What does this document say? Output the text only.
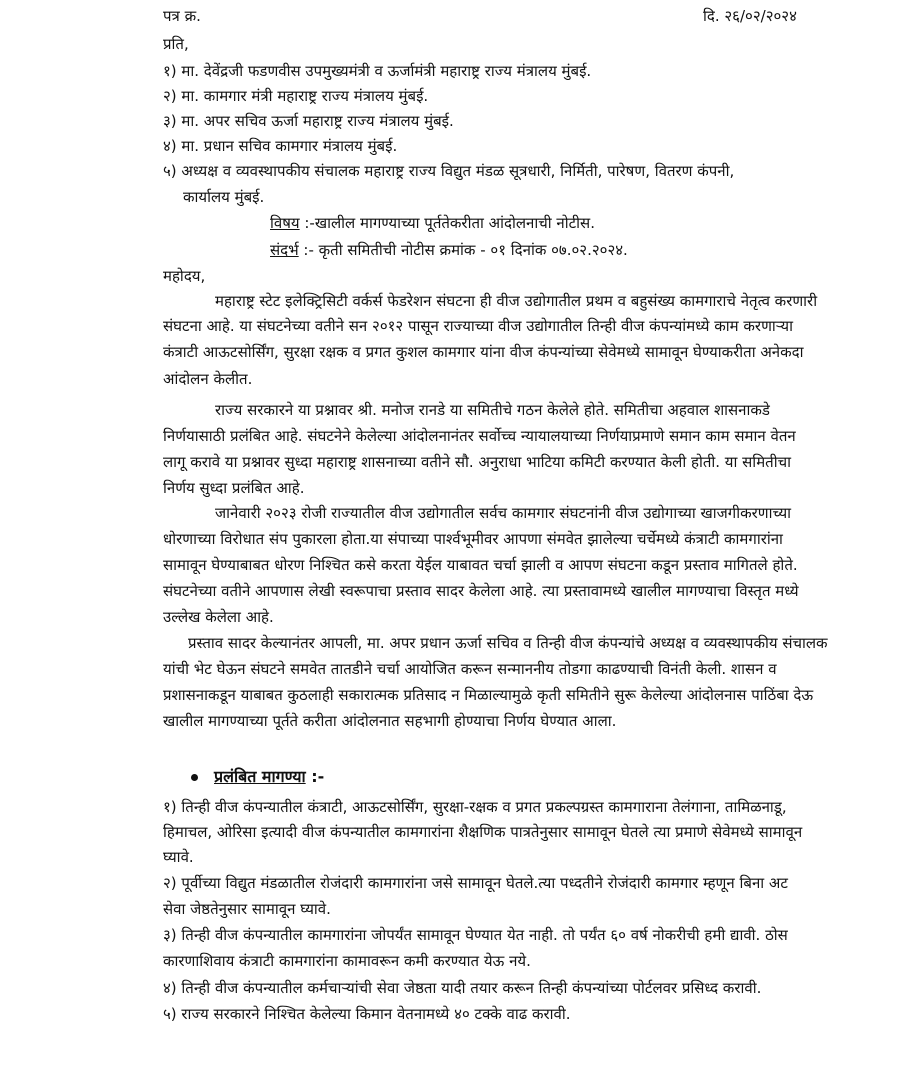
पत्र क्र.	दि. २६/०२/२०२४
प्रति,
१) मा. देवेंद्रजी फडणवीस उपमुख्यमंत्री व ऊर्जामंत्री महाराष्ट्र राज्य मंत्रालय मुंबई.
२) मा. कामगार मंत्री महाराष्ट्र राज्य मंत्रालय मुंबई.
३) मा. अपर सचिव ऊर्जा महाराष्ट्र राज्य मंत्रालय मुंबई.
४) मा. प्रधान सचिव कामगार मंत्रालय मुंबई.
५) अध्यक्ष व व्यवस्थापकीय संचालक महाराष्ट्र राज्य विद्युत मंडळ सूत्रधारी, निर्मिती, पारेषण, वितरण कंपनी,
कार्यालय मुंबई.
विषय :-खालील मागण्याच्या पूर्ततेकरीता आंदोलनाची नोटीस.
संदर्भ :- कृती समितीची नोटीस क्रमांक - ०१ दिनांक ०७.०२.२०२४.
महोदय,
महाराष्ट्र स्टेट इलेक्ट्रिसिटी वर्कर्स फेडरेशन संघटना ही वीज उद्योगातील प्रथम व बहुसंख्य कामगाराचे नेतृत्व करणारी
संघटना आहे. या संघटनेच्या वतीने सन २०१२ पासून राज्याच्या वीज उद्योगातील तिन्ही वीज कंपन्यांमध्ये काम करणाऱ्या
कंत्राटी आऊटसोर्सिंग, सुरक्षा रक्षक व प्रगत कुशल कामगार यांना वीज कंपन्यांच्या सेवेमध्ये सामावून घेण्याकरीता अनेकदा
आंदोलन केलीत.
राज्य सरकारने या प्रश्नावर श्री. मनोज रानडे या समितीचे गठन केलेले होते. समितीचा अहवाल शासनाकडे
निर्णयासाठी प्रलंबित आहे. संघटनेने केलेल्या आंदोलनानंतर सर्वोच्च न्यायालयाच्या निर्णयाप्रमाणे समान काम समान वेतन
लागू करावे या प्रश्नावर सुध्दा महाराष्ट्र शासनाच्या वतीने सौ. अनुराधा भाटिया कमिटी करण्यात केली होती. या समितीचा
निर्णय सुध्दा प्रलंबित आहे.
जानेवारी २०२३ रोजी राज्यातील वीज उद्योगातील सर्वच कामगार संघटनांनी वीज उद्योगाच्या खाजगीकरणाच्या
धोरणाच्या विरोधात संप पुकारला होता.या संपाच्या पार्श्वभूमीवर आपणा संमवेत झालेल्या चर्चेमध्ये कंत्राटी कामगारांना
सामावून घेण्याबाबत धोरण निश्चित कसे करता येईल याबावत चर्चा झाली व आपण संघटना कडून प्रस्ताव मागितले होते.
संघटनेच्या वतीने आपणास लेखी स्वरूपाचा प्रस्ताव सादर केलेला आहे. त्या प्रस्तावामध्ये खालील मागण्याचा विस्तृत मध्ये
उल्लेख केलेला आहे.
प्रस्ताव सादर केल्यानंतर आपली, मा. अपर प्रधान ऊर्जा सचिव व तिन्ही वीज कंपन्यांचे अध्यक्ष व व्यवस्थापकीय संचालक
यांची भेट घेऊन संघटने समवेत तातडीने चर्चा आयोजित करून सन्माननीय तोडगा काढण्याची विनंती केली. शासन व
प्रशासनाकडून याबाबत कुठलाही सकारात्मक प्रतिसाद न मिळाल्यामुळे कृती समितीने सुरू केलेल्या आंदोलनास पाठिंबा देऊ
खालील मागण्याच्या पूर्तते करीता आंदोलनात सहभागी होण्याचा निर्णय घेण्यात आला.
प्रलंबित मागण्या :-
१) तिन्ही वीज कंपन्यातील कंत्राटी, आऊटसोर्सिंग, सुरक्षा-रक्षक व प्रगत प्रकल्पग्रस्त कामगाराना तेलंगाना, तामिळनाडू,
हिमाचल, ओरिसा इत्यादी वीज कंपन्यातील कामगारांना शैक्षणिक पात्रतेनुसार सामावून घेतले त्या प्रमाणे सेवेमध्ये सामावून
घ्यावे.
२) पूर्वीच्या विद्युत मंडळातील रोजंदारी कामगारांना जसे सामावून घेतले.त्या पध्दतीने रोजंदारी कामगार म्हणून बिना अट
सेवा जेष्ठतेनुसार सामावून घ्यावे.
३) तिन्ही वीज कंपन्यातील कामगारांना जोपर्यंत सामावून घेण्यात येत नाही. तो पर्यंत ६० वर्ष नोकरीची हमी द्यावी. ठोस
कारणाशिवाय कंत्राटी कामगारांना कामावरून कमी करण्यात येऊ नये.
४) तिन्ही वीज कंपन्यातील कर्मचाऱ्यांची सेवा जेष्ठता यादी तयार करून तिन्ही कंपन्यांच्या पोर्टलवर प्रसिध्द करावी.
५) राज्य सरकारने निश्चित केलेल्या किमान वेतनामध्ये ४० टक्के वाढ करावी.
